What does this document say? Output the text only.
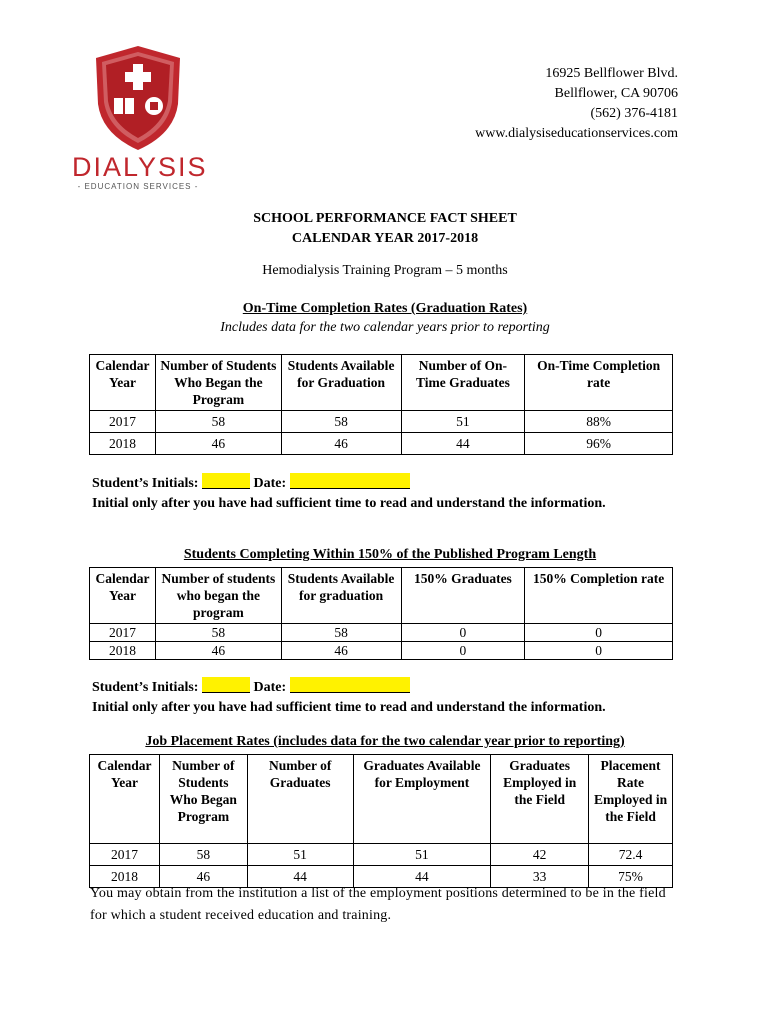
DIALYSIS
- EDUCATION SERVICES -
16925 Bellflower Blvd.
Bellflower, CA 90706
(562) 376-4181
www.dialysiseducationservices.com
SCHOOL PERFORMANCE FACT SHEET
CALENDAR YEAR 2017-2018
Hemodialysis Training Program – 5 months
On-Time Completion Rates (Graduation Rates)
Includes data for the two calendar years prior to reporting
Calendar Year	Number of Students Who Began the Program	Students Available for Graduation	Number of On-Time Graduates	On-Time Completion rate
2017	58	58	51	88%
2018	46	46	44	96%
Student’s Initials:	Date:
Initial only after you have had sufficient time to read and understand the information.
Students Completing Within 150% of the Published Program Length
Calendar Year	Number of students who began the program	Students Available for graduation	150% Graduates	150% Completion rate
2017	58	58	0	0
2018	46	46	0	0
Student’s Initials:	Date:
Initial only after you have had sufficient time to read and understand the information.
Job Placement Rates (includes data for the two calendar year prior to reporting)
Calendar Year	Number of Students Who Began Program	Number of Graduates	Graduates Available for Employment	Graduates Employed in the Field	Placement Rate Employed in the Field
2017	58	51	51	42	72.4
2018	46	44	44	33	75%
You may obtain from the institution a list of the employment positions determined to be in the field for which a student received education and training.
